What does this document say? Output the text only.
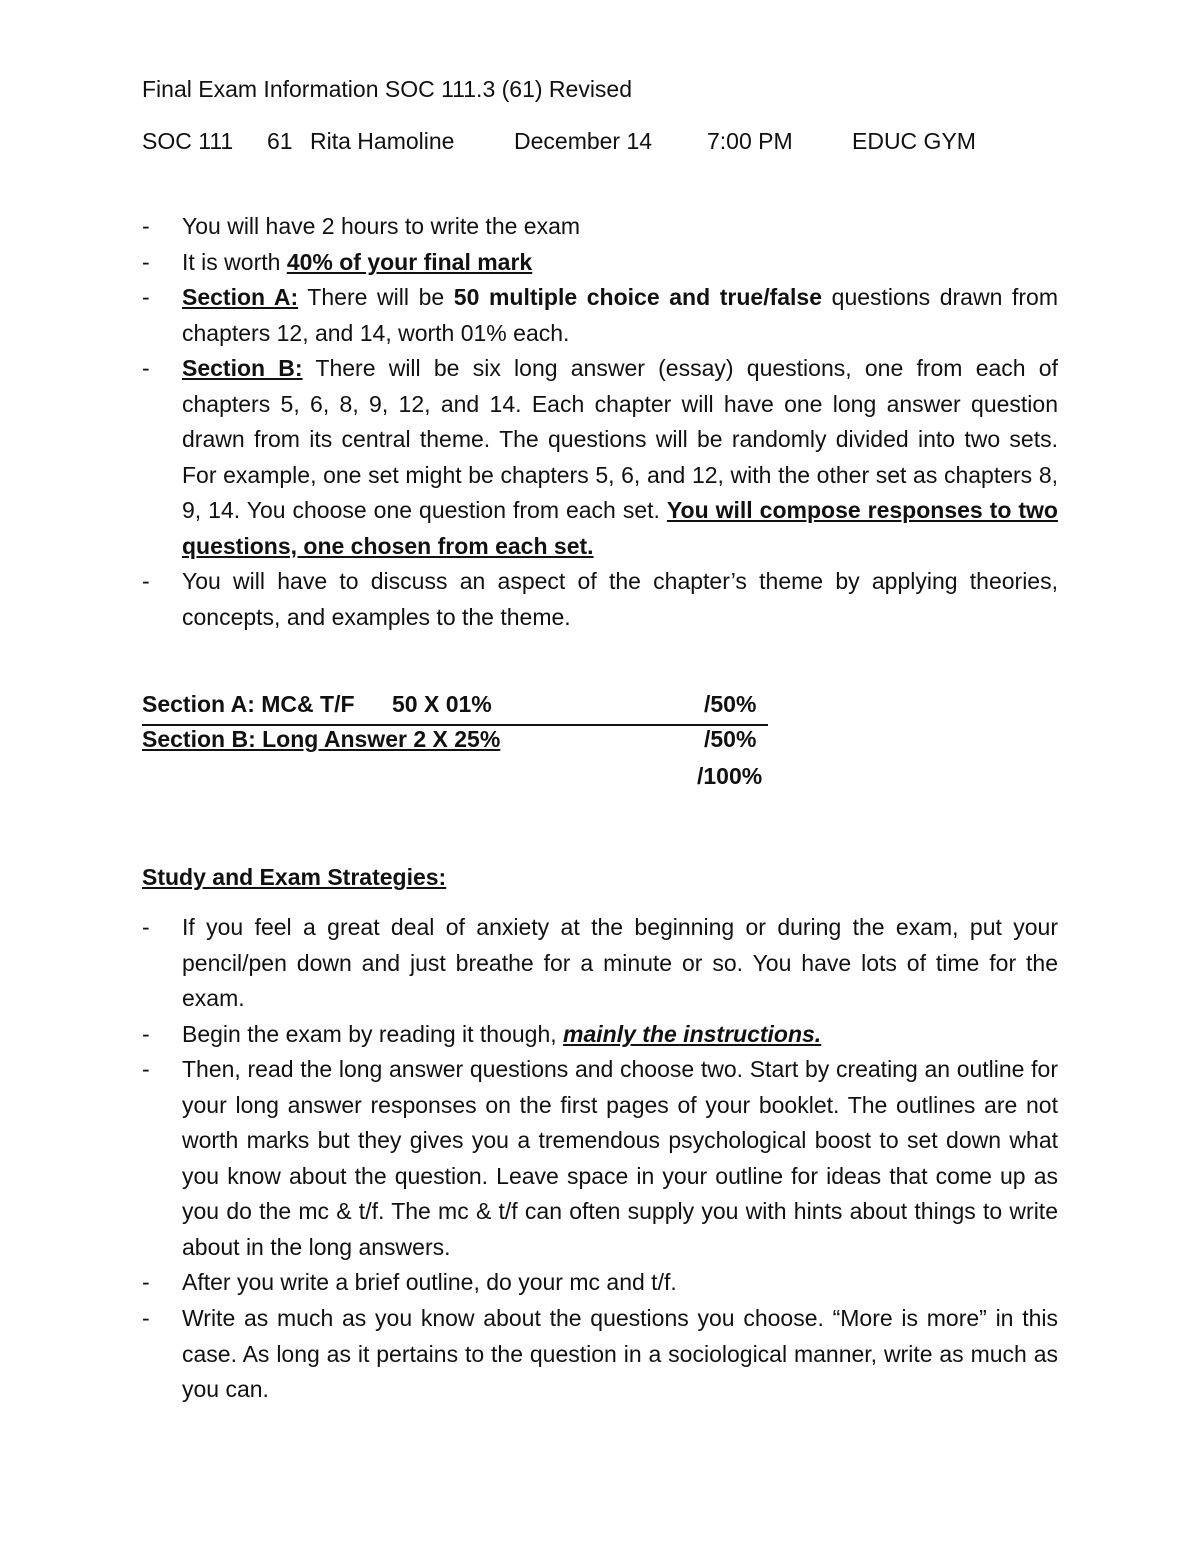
Final Exam Information SOC 111.3 (61) Revised
SOC 111 61 Rita Hamoline	December 14 7:00 PM	EDUC GYM
- You will have 2 hours to write the exam
- It is worth 40% of your final mark
- Section A: There will be 50 multiple choice and true/false questions drawn from chapters 12, and 14, worth 01% each.
- Section B: There will be six long answer (essay) questions, one from each of chapters 5, 6, 8, 9, 12, and 14. Each chapter will have one long answer question drawn from its central theme. The questions will be randomly divided into two sets. For example, one set might be chapters 5, 6, and 12, with the other set as chapters 8, 9, 14. You choose one question from each set. You will compose responses to two questions, one chosen from each set.
- You will have to discuss an aspect of the chapter’s theme by applying theories, concepts, and examples to the theme.
Section A: MC& T/F 50 X 01%	/50%
Section B: Long Answer 2 X 25%	/50%
/100%
Study and Exam Strategies:
- If you feel a great deal of anxiety at the beginning or during the exam, put your pencil/pen down and just breathe for a minute or so. You have lots of time for the exam.
- Begin the exam by reading it though, mainly the instructions.
- Then, read the long answer questions and choose two. Start by creating an outline for your long answer responses on the first pages of your booklet. The outlines are not worth marks but they gives you a tremendous psychological boost to set down what you know about the question. Leave space in your outline for ideas that come up as you do the mc & t/f. The mc & t/f can often supply you with hints about things to write about in the long answers.
- After you write a brief outline, do your mc and t/f.
- Write as much as you know about the questions you choose. “More is more” in this case. As long as it pertains to the question in a sociological manner, write as much as you can.
